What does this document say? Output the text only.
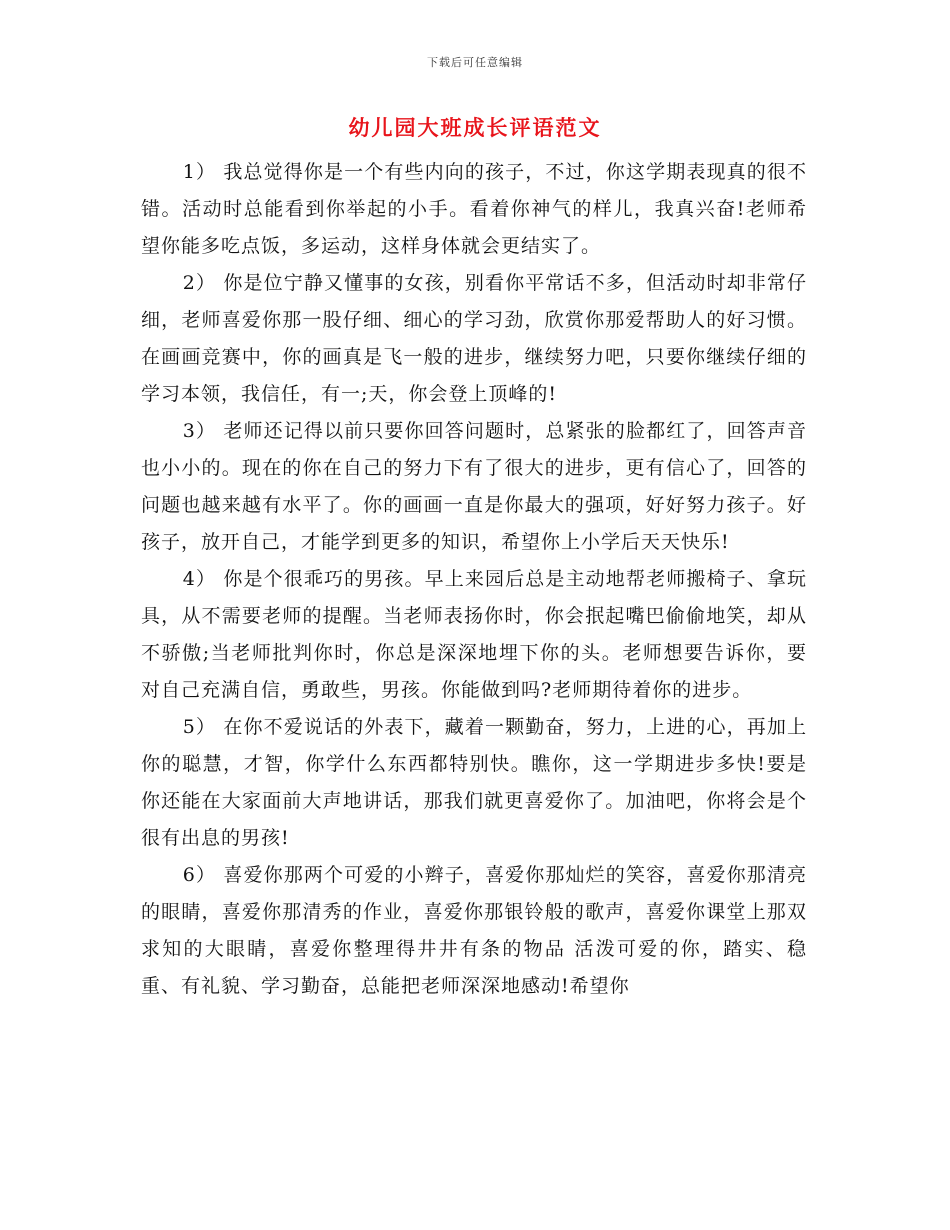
下载后可任意编辑
幼儿园大班成长评语范文

1） 我总觉得你是一个有些内向的孩子，不过，你这学期表现真的很不错。活动时总能看到你举起的小手。看着你神气的样儿，我真兴奋!老师希望你能多吃点饭，多运动，这样身体就会更结实了。

2） 你是位宁静又懂事的女孩，别看你平常话不多，但活动时却非常仔细，老师喜爱你那一股仔细、细心的学习劲，欣赏你那爱帮助人的好习惯。在画画竞赛中，你的画真是飞一般的进步，继续努力吧，只要你继续仔细的学习本领，我信任，有一;天，你会登上顶峰的!

3） 老师还记得以前只要你回答问题时，总紧张的脸都红了，回答声音也小小的。现在的你在自己的努力下有了很大的进步，更有信心了，回答的问题也越来越有水平了。你的画画一直是你最大的强项，好好努力孩子。好孩子，放开自己，才能学到更多的知识，希望你上小学后天天快乐!

4） 你是个很乖巧的男孩。早上来园后总是主动地帮老师搬椅子、拿玩具，从不需要老师的提醒。当老师表扬你时，你会抿起嘴巴偷偷地笑，却从不骄傲;当老师批判你时，你总是深深地埋下你的头。老师想要告诉你，要对自己充满自信，勇敢些，男孩。你能做到吗?老师期待着你的进步。

5） 在你不爱说话的外表下，藏着一颗勤奋，努力，上进的心，再加上你的聪慧，才智，你学什么东西都特别快。瞧你，这一学期进步多快!要是你还能在大家面前大声地讲话，那我们就更喜爱你了。加油吧，你将会是个很有出息的男孩!

6） 喜爱你那两个可爱的小辫子，喜爱你那灿烂的笑容，喜爱你那清亮的眼睛，喜爱你那清秀的作业，喜爱你那银铃般的歌声，喜爱你课堂上那双求知的大眼睛，喜爱你整理得井井有条的物品 活泼可爱的你，踏实、稳重、有礼貌、学习勤奋，总能把老师深深地感动!希望你
